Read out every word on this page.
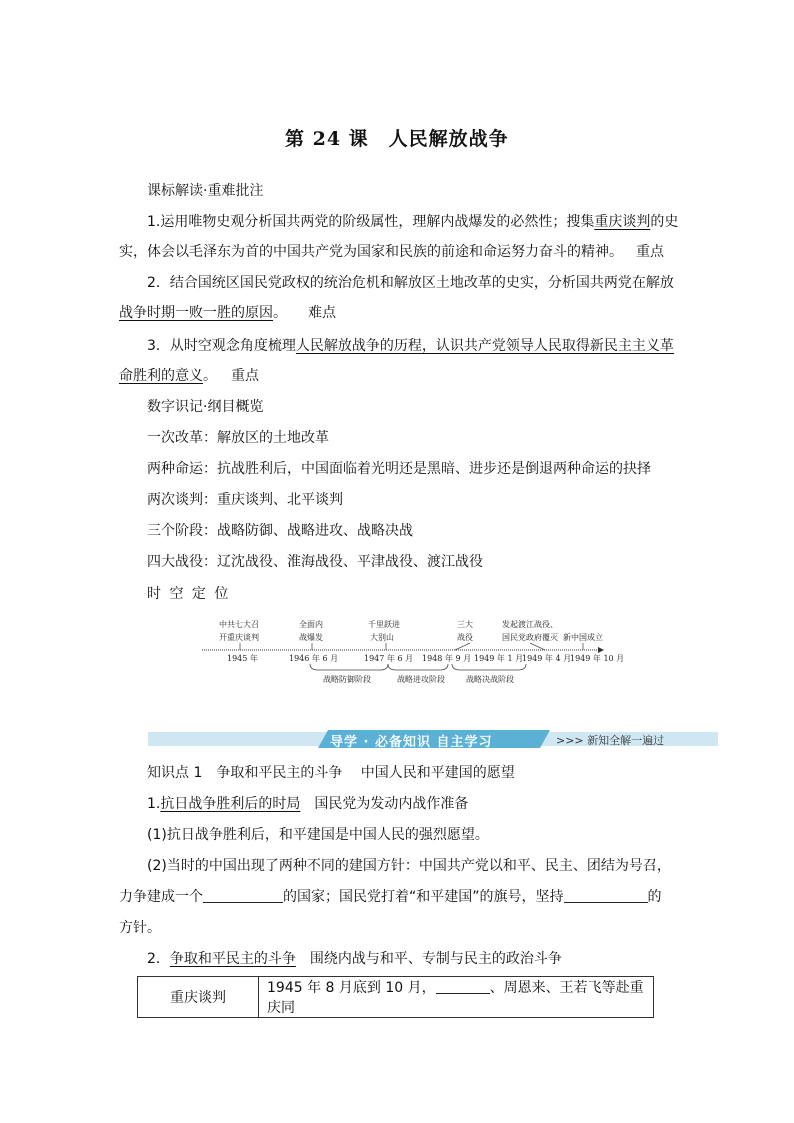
第 24 课　人民解放战争
课标解读·重难批注
1.运用唯物史观分析国共两党的阶级属性，理解内战爆发的必然性；搜集重庆谈判的史
实，体会以毛泽东为首的中国共产党为国家和民族的前途和命运努力奋斗的精神。 重点
2．结合国统区国民党政权的统治危机和解放区土地改革的史实，分析国共两党在解放
战争时期一败一胜的原因。 难点
3．从时空观念角度梳理人民解放战争的历程，认识共产党领导人民取得新民主主义革
命胜利的意义。 重点
数字识记·纲目概览
一次改革：解放区的土地改革
两种命运：抗战胜利后，中国面临着光明还是黑暗、进步还是倒退两种命运的抉择
两次谈判：重庆谈判、北平谈判
三个阶段：战略防御、战略进攻、战略决战
四大战役：辽沈战役、淮海战役、平津战役、渡江战役
时 空 定 位
中共七大召
开重庆谈判
全面内
战爆发
千里跃进
大别山
三大
战役
发起渡江战役、
国民党政府覆灭 新中国成立
1945 年	1946 年 6 月	1947 年 6 月 1948 年 9 月 1949 年 1 月
1949 年 4 月
1949 年 10 月
战略防御阶段	战略进攻阶段	战略决战阶段
导学 · 必备知识 自主学习	>>> 新知全解一遍过
知识点 1　争取和平民主的斗争　 中国人民和平建国的愿望
1.抗日战争胜利后的时局　国民党为发动内战作准备
(1)抗日战争胜利后，和平建国是中国人民的强烈愿望。
(2)当时的中国出现了两种不同的建国方针：中国共产党以和平、民主、团结为号召，
力争建成一个	的国家；国民党打着“和平建国”的旗号，坚持	的
方针。
2．争取和平民主的斗争　围绕内战与和平、专制与民主的政治斗争
重庆谈判	1945 年 8 月底到 10 月，	、周恩来、王若飞等赴重庆同
